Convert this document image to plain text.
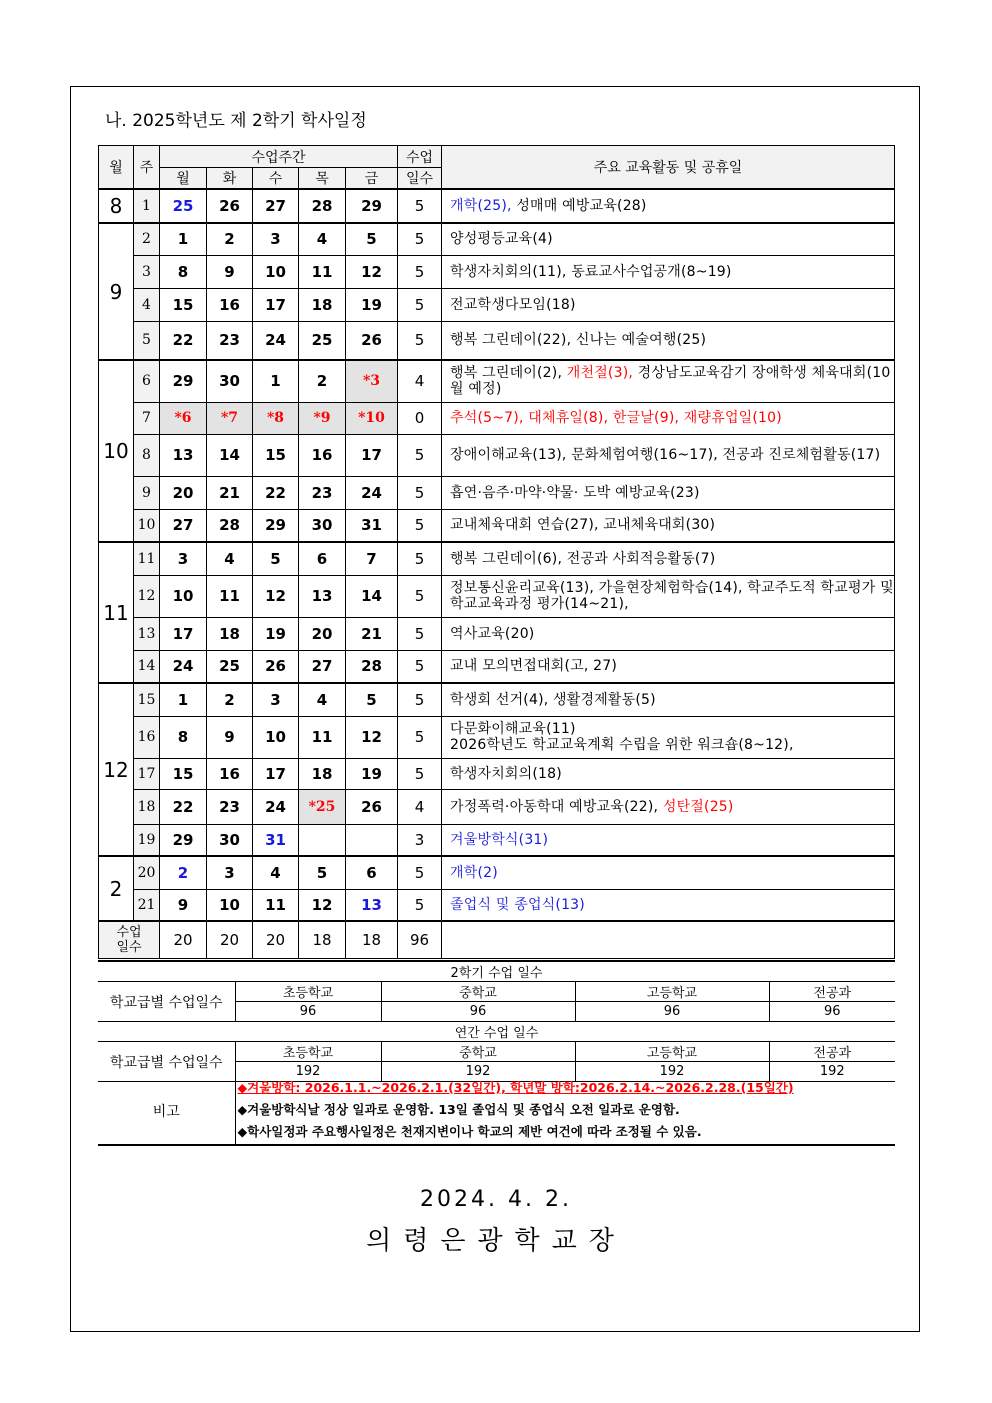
나. 2025학년도 제 2학기 학사일정
월	주	수업주간					수업	주요 교육활동 및 공휴일
		월	화	수	목	금	일수	
8	1	25	26	27	28	29	5	개학(25), 성매매 예방교육(28)
9	2	1	2	3	4	5	5	양성평등교육(4)
	3	8	9	10	11	12	5	학생자치회의(11), 동료교사수업공개(8~19)
	4	15	16	17	18	19	5	전교학생다모임(18)
	5	22	23	24	25	26	5	행복 그린데이(22), 신나는 예술여행(25)
10	6	29	30	1	2	*3	4	행복 그린데이(2), 개천절(3), 경상남도교육감기 장애학생 체육대회(10월 예정)
	7	*6	*7	*8	*9	*10	0	추석(5~7), 대체휴일(8), 한글날(9), 재량휴업일(10)
	8	13	14	15	16	17	5	장애이해교육(13), 문화체험여행(16~17), 전공과 진로체험활동(17)
	9	20	21	22	23	24	5	흡연·음주·마약·약물· 도박 예방교육(23)
	10	27	28	29	30	31	5	교내체육대회 연습(27), 교내체육대회(30)
11	11	3	4	5	6	7	5	행복 그린데이(6), 전공과 사회적응활동(7)
	12	10	11	12	13	14	5	정보통신윤리교육(13), 가을현장체험학습(14), 학교주도적 학교평가 및 학교교육과정 평가(14~21),
	13	17	18	19	20	21	5	역사교육(20)
	14	24	25	26	27	28	5	교내 모의면접대회(고, 27)
12	15	1	2	3	4	5	5	학생회 선거(4), 생활경제활동(5)
	16	8	9	10	11	12	5	다문화이해교육(11)
2026학년도 학교교육계획 수립을 위한 워크숍(8~12),

	17	15	16	17	18	19	5	학생자치회의(18)
	18	22	23	24	*25	26	4	가정폭력·아동학대 예방교육(22), 성탄절(25)
	19	29	30	31			3	겨울방학식(31)
2	20	2	3	4	5	6	5	개학(2)
	21	9	10	11	12	13	5	졸업식 및 종업식(13)

수업
일수		20	20	20	18	18	96	
2학기 수업 일수				
학교급별 수업일수	초등학교	중학교	고등학교	전공과
	96	96	96	96
연간 수업 일수				
학교급별 수업일수	초등학교	중학교	고등학교	전공과
	192	192	192	192
비고	
◆겨울방학: 2026.1.1.~2026.2.1.(32일간), 학년말 방학:2026.2.14.~2026.2.28.(15일간)
◆겨울방학식날 정상 일과로 운영함. 13일 졸업식 및 종업식 오전 일과로 운영함.
◆학사일정과 주요행사일정은 천재지변이나 학교의 제반 여건에 따라 조정될 수 있음.
2024. 4. 2.
의령은광학교장
